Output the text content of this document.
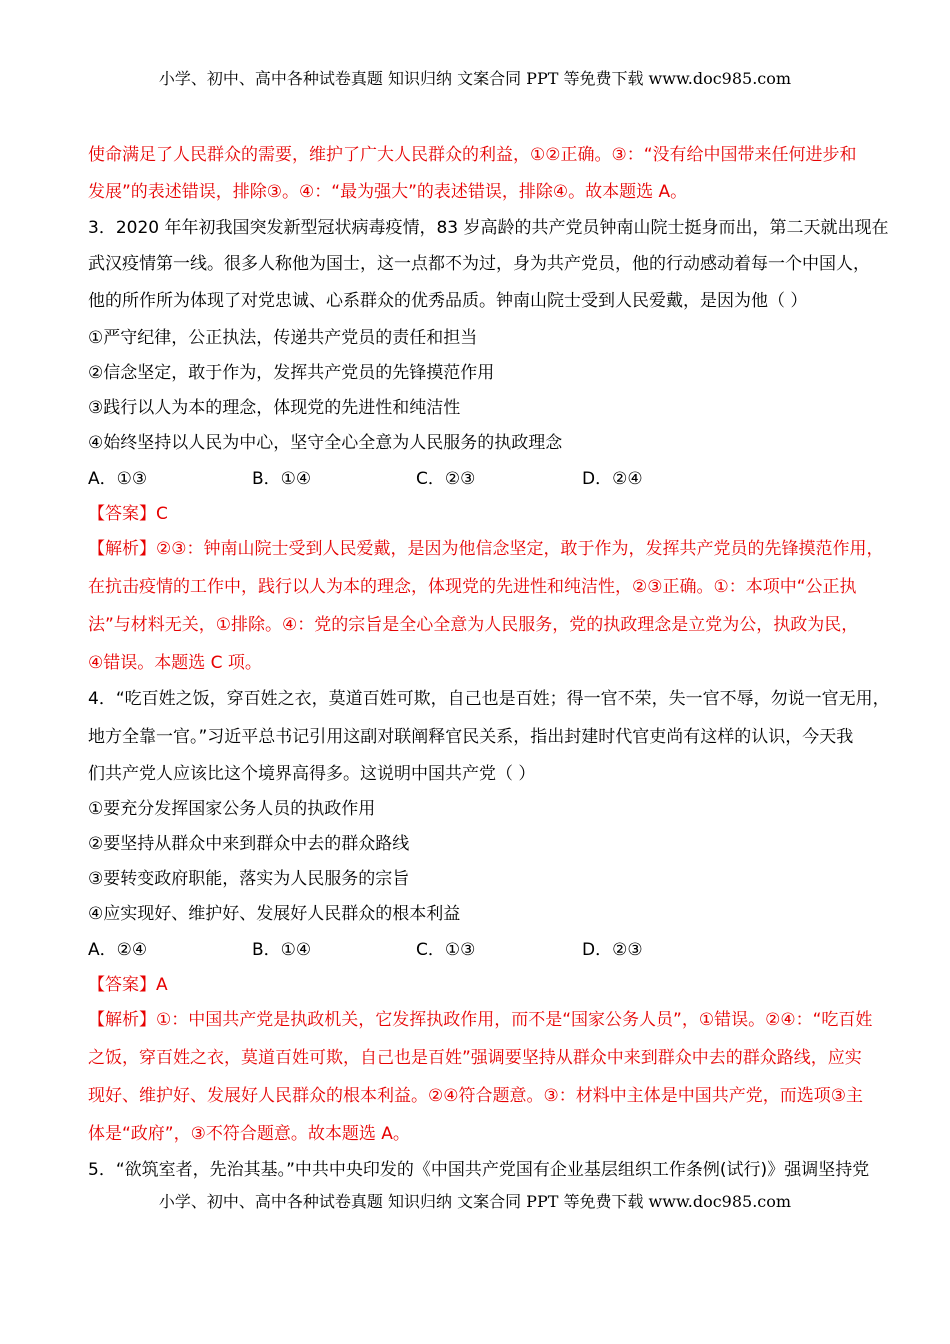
小学、初中、高中各种试卷真题 知识归纳 文案合同 PPT 等免费下载 www.doc985.com
使命满足了人民群众的需要，维护了广大人民群众的利益，①②正确。③：“没有给中国带来任何进步和
发展”的表述错误，排除③。④：“最为强大”的表述错误，排除④。故本题选 A。
3．2020 年年初我国突发新型冠状病毒疫情，83 岁高龄的共产党员钟南山院士挺身而出，第二天就出现在
武汉疫情第一线。很多人称他为国士，这一点都不为过，身为共产党员，他的行动感动着每一个中国人，
他的所作所为体现了对党忠诚、心系群众的优秀品质。钟南山院士受到人民爱戴，是因为他（ ）
①严守纪律，公正执法，传递共产党员的责任和担当
②信念坚定，敢于作为，发挥共产党员的先锋摸范作用
③践行以人为本的理念，体现党的先进性和纯洁性
④始终坚持以人民为中心，坚守全心全意为人民服务的执政理念
A．①③	B．①④	C．②③	D．②④
【答案】C
【解析】②③：钟南山院士受到人民爱戴，是因为他信念坚定，敢于作为，发挥共产党员的先锋摸范作用，
在抗击疫情的工作中，践行以人为本的理念，体现党的先进性和纯洁性，②③正确。①：本项中“公正执
法”与材料无关，①排除。④：党的宗旨是全心全意为人民服务，党的执政理念是立党为公，执政为民，
④错误。本题选 C 项。
4．“吃百姓之饭，穿百姓之衣，莫道百姓可欺，自己也是百姓；得一官不荣，失一官不辱，勿说一官无用，
地方全靠一官。”习近平总书记引用这副对联阐释官民关系，指出封建时代官吏尚有这样的认识，今天我
们共产党人应该比这个境界高得多。这说明中国共产党（ ）
①要充分发挥国家公务人员的执政作用
②要坚持从群众中来到群众中去的群众路线
③要转变政府职能，落实为人民服务的宗旨
④应实现好、维护好、发展好人民群众的根本利益
A．②④	B．①④	C．①③	D．②③
【答案】A
【解析】①：中国共产党是执政机关，它发挥执政作用，而不是“国家公务人员”，①错误。②④：“吃百姓
之饭，穿百姓之衣，莫道百姓可欺，自己也是百姓”强调要坚持从群众中来到群众中去的群众路线，应实
现好、维护好、发展好人民群众的根本利益。②④符合题意。③：材料中主体是中国共产党，而选项③主
体是“政府”，③不符合题意。故本题选 A。
5．“欲筑室者，先治其基。”中共中央印发的《中国共产党国有企业基层组织工作条例(试行)》强调坚持党
小学、初中、高中各种试卷真题 知识归纳 文案合同 PPT 等免费下载 www.doc985.com
